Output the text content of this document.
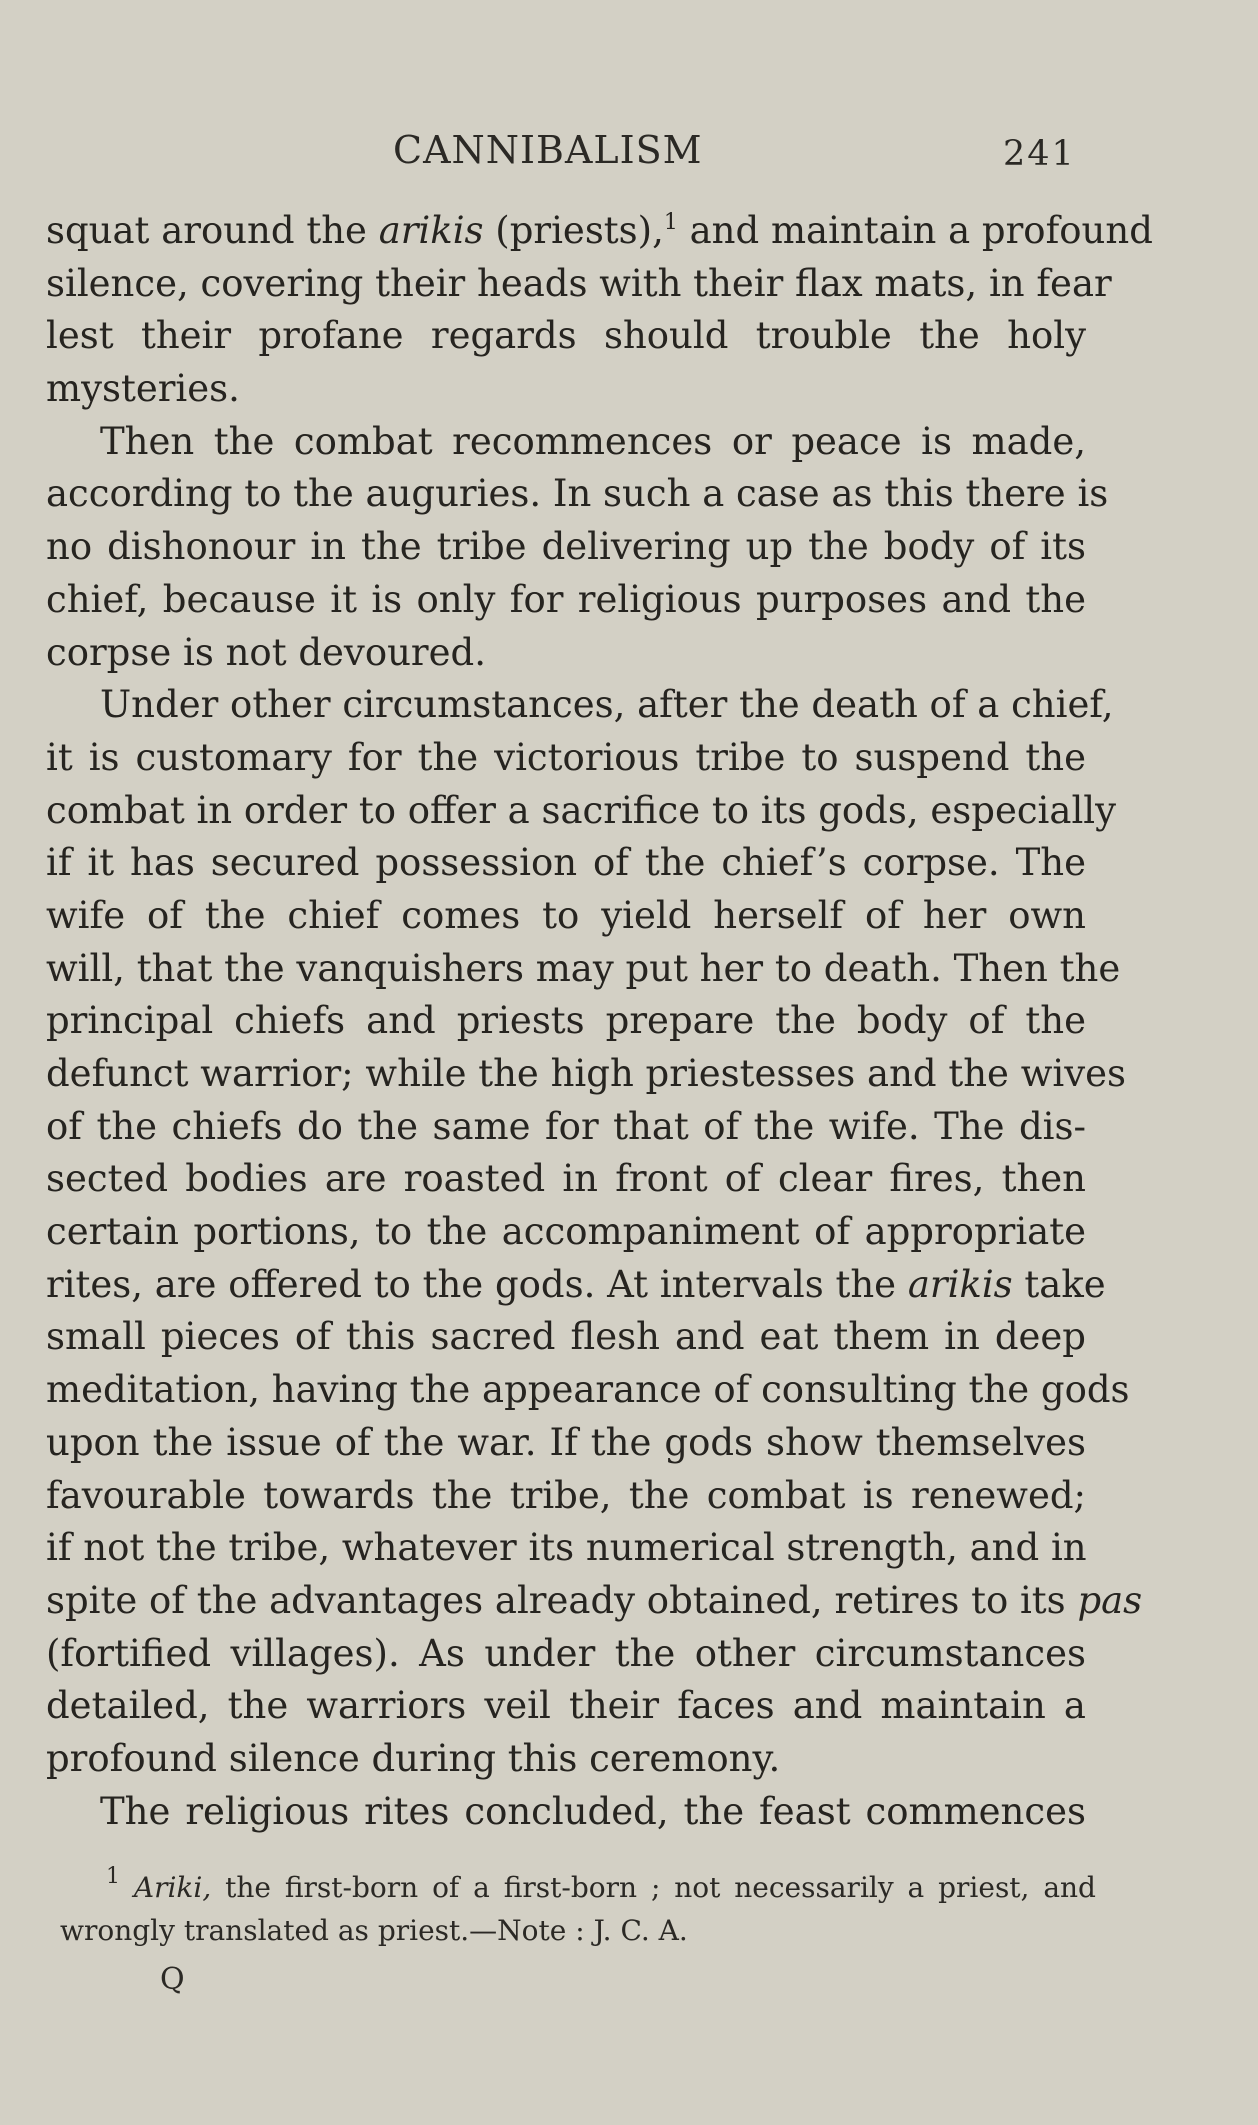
CANNIBALISM	241
squat around the arikis (priests),$^1$ and maintain a profound
silence, covering their heads with their flax mats, in fear
lest their profane regards should trouble the holy
mysteries.
Then the combat recommences or peace is made,
according to the auguries. In such a case as this there is
no dishonour in the tribe delivering up the body of its
chief, because it is only for religious purposes and the
corpse is not devoured.
Under other circumstances, after the death of a chief,
it is customary for the victorious tribe to suspend the
combat in order to offer a sacrifice to its gods, especially
if it has secured possession of the chief’s corpse. The
wife of the chief comes to yield herself of her own
will, that the vanquishers may put her to death. Then the
principal chiefs and priests prepare the body of the
defunct warrior; while the high priestesses and the wives
of the chiefs do the same for that of the wife. The dis-
sected bodies are roasted in front of clear fires, then
certain portions, to the accompaniment of appropriate
rites, are offered to the gods. At intervals the arikis take
small pieces of this sacred flesh and eat them in deep
meditation, having the appearance of consulting the gods
upon the issue of the war. If the gods show themselves
favourable towards the tribe, the combat is renewed;
if not the tribe, whatever its numerical strength, and in
spite of the advantages already obtained, retires to its pas
(fortified villages). As under the other circumstances
detailed, the warriors veil their faces and maintain a
profound silence during this ceremony.
The religious rites concluded, the feast commences
$^1$ Ariki, the first-born of a first-born ; not necessarily a priest, and
wrongly translated as priest.—Note : J. C. A.
Q
